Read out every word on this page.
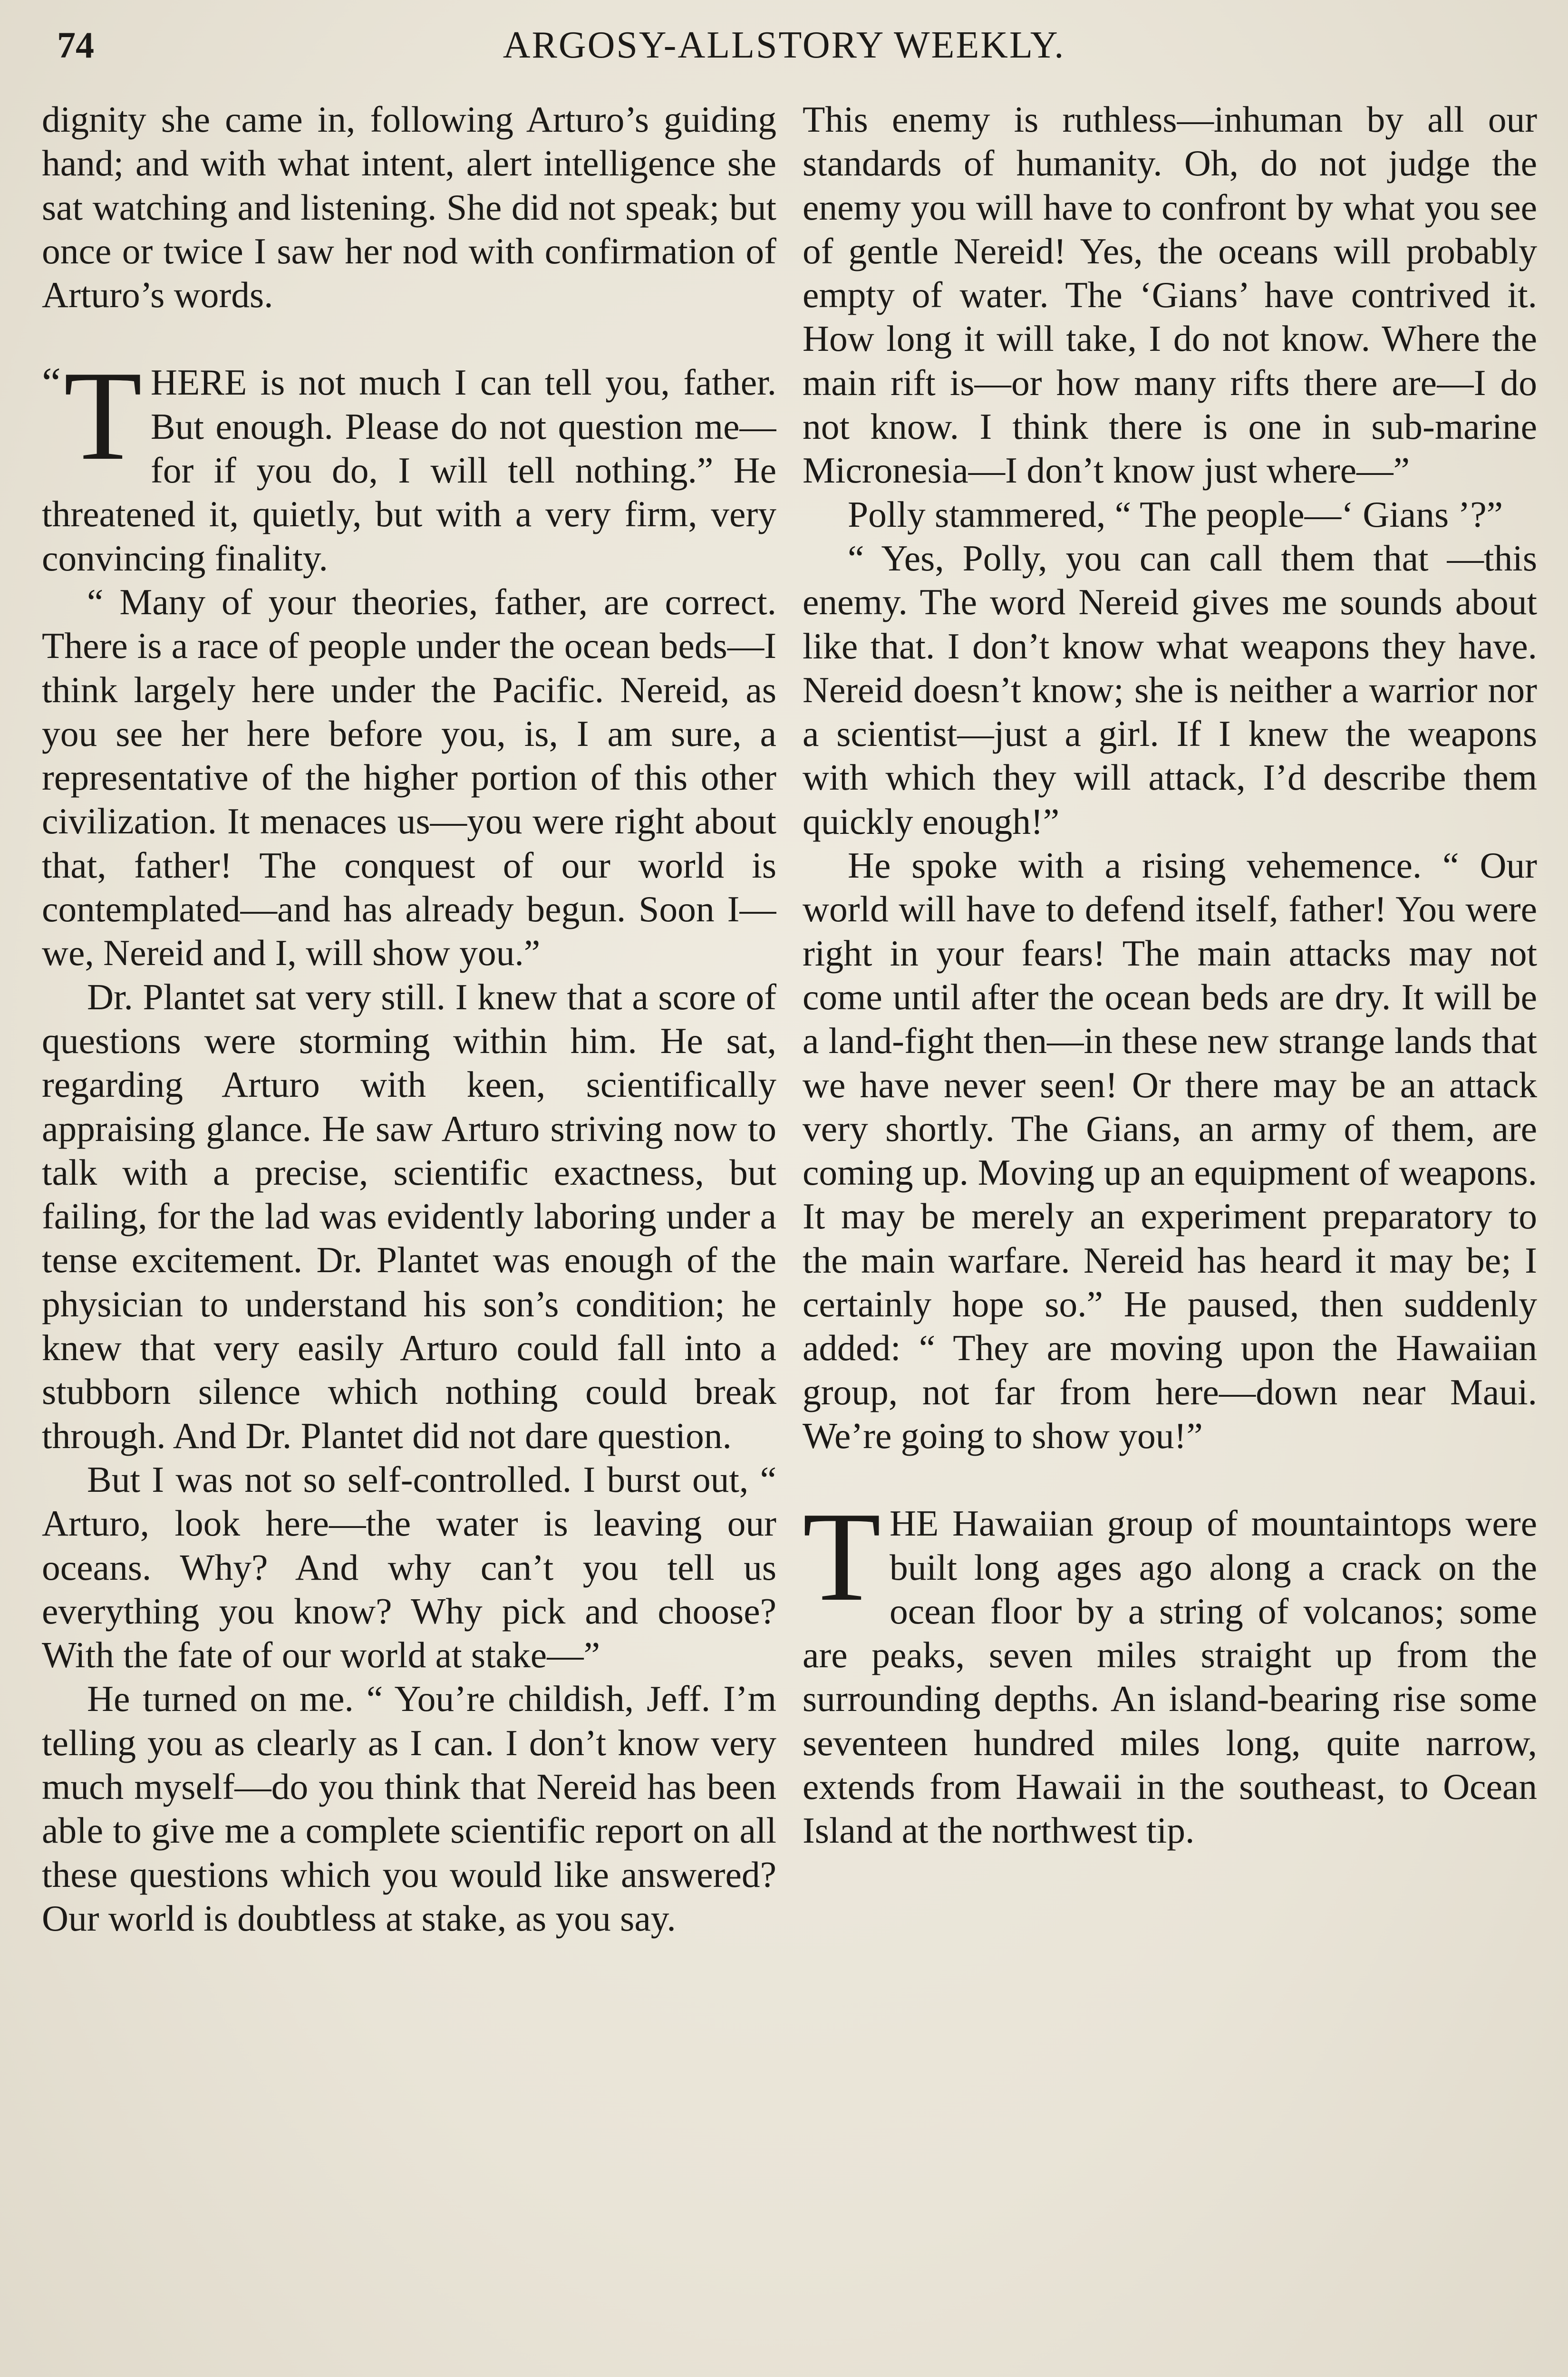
74	ARGOSY-ALLSTORY WEEKLY.

dignity she came in, following Arturo’s guiding hand; and with what intent, alert intelligence she sat watching and listening. She did not speak; but once or twice I saw her nod with confirmation of Arturo’s words.

“ T HERE is not much I can tell you, father. But enough. Please do not question me—for if you do, I will tell nothing.” He threatened it, quietly, but with a very firm, very convincing finality.

“ Many of your theories, father, are correct. There is a race of people under the ocean beds—I think largely here under the Pacific. Nereid, as you see her here before you, is, I am sure, a representative of the higher portion of this other civilization. It menaces us—you were right about that, father! The conquest of our world is contemplated—and has already begun. Soon I—we, Nereid and I, will show you.”

Dr. Plantet sat very still. I knew that a score of questions were storming within him. He sat, regarding Arturo with keen, scientifically appraising glance. He saw Arturo striving now to talk with a precise, scientific exactness, but failing, for the lad was evidently laboring under a tense excitement. Dr. Plantet was enough of the physician to understand his son’s condition; he knew that very easily Arturo could fall into a stubborn silence which nothing could break through. And Dr. Plantet did not dare question.

But I was not so self-controlled. I burst out, “ Arturo, look here—the water is leaving our oceans. Why? And why can’t you tell us everything you know? Why pick and choose? With the fate of our world at stake—”

He turned on me. “ You’re childish, Jeff. I’m telling you as clearly as I can. I don’t know very much myself—do you think that Nereid has been able to give me a complete scientific report on all these questions which you would like answered? Our world is doubtless at stake, as you say.

This enemy is ruthless—inhuman by all our standards of humanity. Oh, do not judge the enemy you will have to confront by what you see of gentle Nereid! Yes, the oceans will probably empty of water. The ‘Gians’ have contrived it. How long it will take, I do not know. Where the main rift is—or how many rifts there are—I do not know. I think there is one in sub-marine Micronesia—I don’t know just where—”

Polly stammered, “ The people—‘ Gians ’?”

“ Yes, Polly, you can call them that —this enemy. The word Nereid gives me sounds about like that. I don’t know what weapons they have. Nereid doesn’t know; she is neither a warrior nor a scientist—just a girl. If I knew the weapons with which they will attack, I’d describe them quickly enough!”

He spoke with a rising vehemence. “ Our world will have to defend itself, father! You were right in your fears! The main attacks may not come until after the ocean beds are dry. It will be a land-fight then—in these new strange lands that we have never seen! Or there may be an attack very shortly. The Gians, an army of them, are coming up. Moving up an equipment of weapons. It may be merely an experiment preparatory to the main warfare. Nereid has heard it may be; I certainly hope so.” He paused, then suddenly added: “ They are moving upon the Hawaiian group, not far from here—down near Maui. We’re going to show you!”

T HE Hawaiian group of mountaintops were built long ages ago along a crack on the ocean floor by a string of volcanos; some are peaks, seven miles straight up from the surrounding depths. An island-bearing rise some seventeen hundred miles long, quite narrow, extends from Hawaii in the southeast, to Ocean Island at the northwest tip.
